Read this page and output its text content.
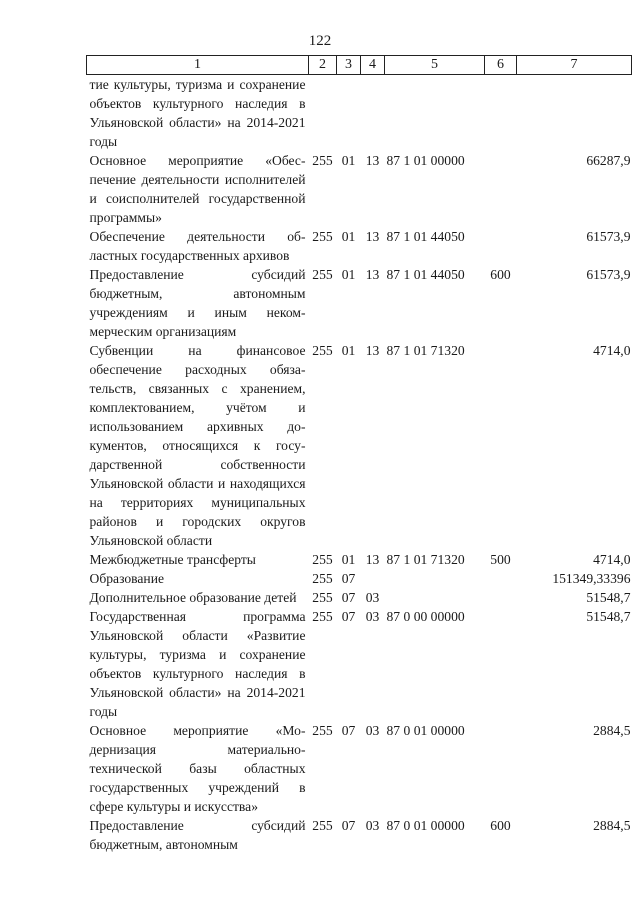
122
1	2	3	4	5	6	7
тие культуры, туризма и сохранение объектов культурного наследия в Ульяновской области» на 2014-2021 годы						
Основное мероприятие «Обеспечение деятельности исполнителей и соисполнителей государственной программы»	255	01	13	87 1 01 00000		66287,9
Обеспечение деятельности областных государственных архивов	255	01	13	87 1 01 44050		61573,9
Предоставление субсидий бюджетным, автономным учреждениям и иным некоммерческим организациям	255	01	13	87 1 01 44050	600	61573,9
Субвенции на финансовое обеспечение расходных обязательств, связанных с хранением, комплектованием, учётом и использованием архивных документов, относящихся к государственной собственности Ульяновской области и находящихся на территориях муниципальных районов и городских округов Ульяновской области	255	01	13	87 1 01 71320		4714,0
Межбюджетные трансферты	255	01	13	87 1 01 71320	500	4714,0
Образование	255	07				151349,33396
Дополнительное образование детей	255	07	03			51548,7
Государственная программа Ульяновской области «Развитие культуры, туризма и сохранение объектов культурного наследия в Ульяновской области» на 2014-2021 годы	255	07	03	87 0 00 00000		51548,7
Основное мероприятие «Модернизация материально-технической базы областных государственных учреждений в сфере культуры и искусства»	255	07	03	87 0 01 00000		2884,5
Предоставление субсидий бюджетным, автономным	255	07	03	87 0 01 00000	600	2884,5
